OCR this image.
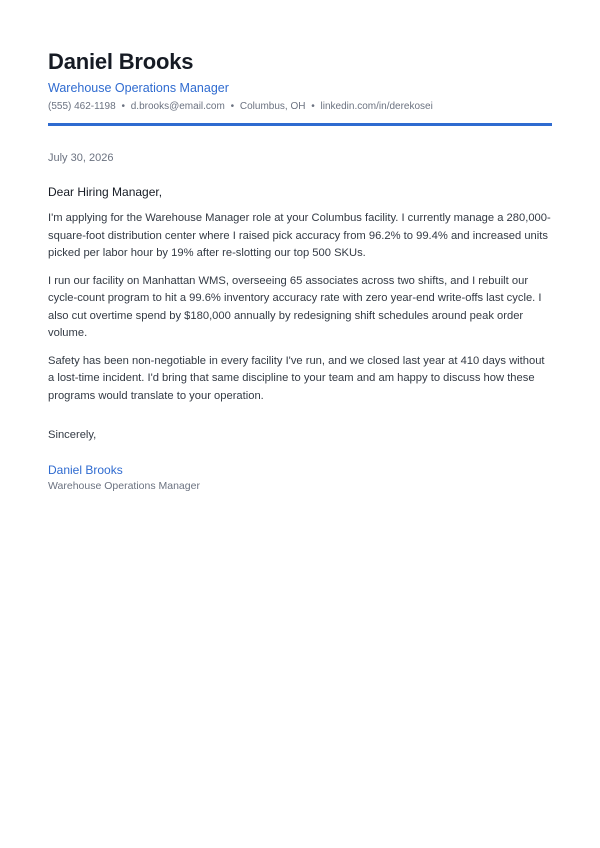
Daniel Brooks
Warehouse Operations Manager
(555) 462-1198 • d.brooks@email.com • Columbus, OH • linkedin.com/in/derekosei
July 30, 2026
Dear Hiring Manager,

I'm applying for the Warehouse Manager role at your Columbus facility. I currently manage a 280,000-square-foot distribution center where I raised pick accuracy from 96.2% to 99.4% and increased units picked per labor hour by 19% after re-slotting our top 500 SKUs.

I run our facility on Manhattan WMS, overseeing 65 associates across two shifts, and I rebuilt our cycle-count program to hit a 99.6% inventory accuracy rate with zero year-end write-offs last cycle. I also cut overtime spend by $180,000 annually by redesigning shift schedules around peak order volume.

Safety has been non-negotiable in every facility I've run, and we closed last year at 410 days without a lost-time incident. I'd bring that same discipline to your team and am happy to discuss how these programs would translate to your operation.

Sincerely,
Daniel Brooks
Warehouse Operations Manager
